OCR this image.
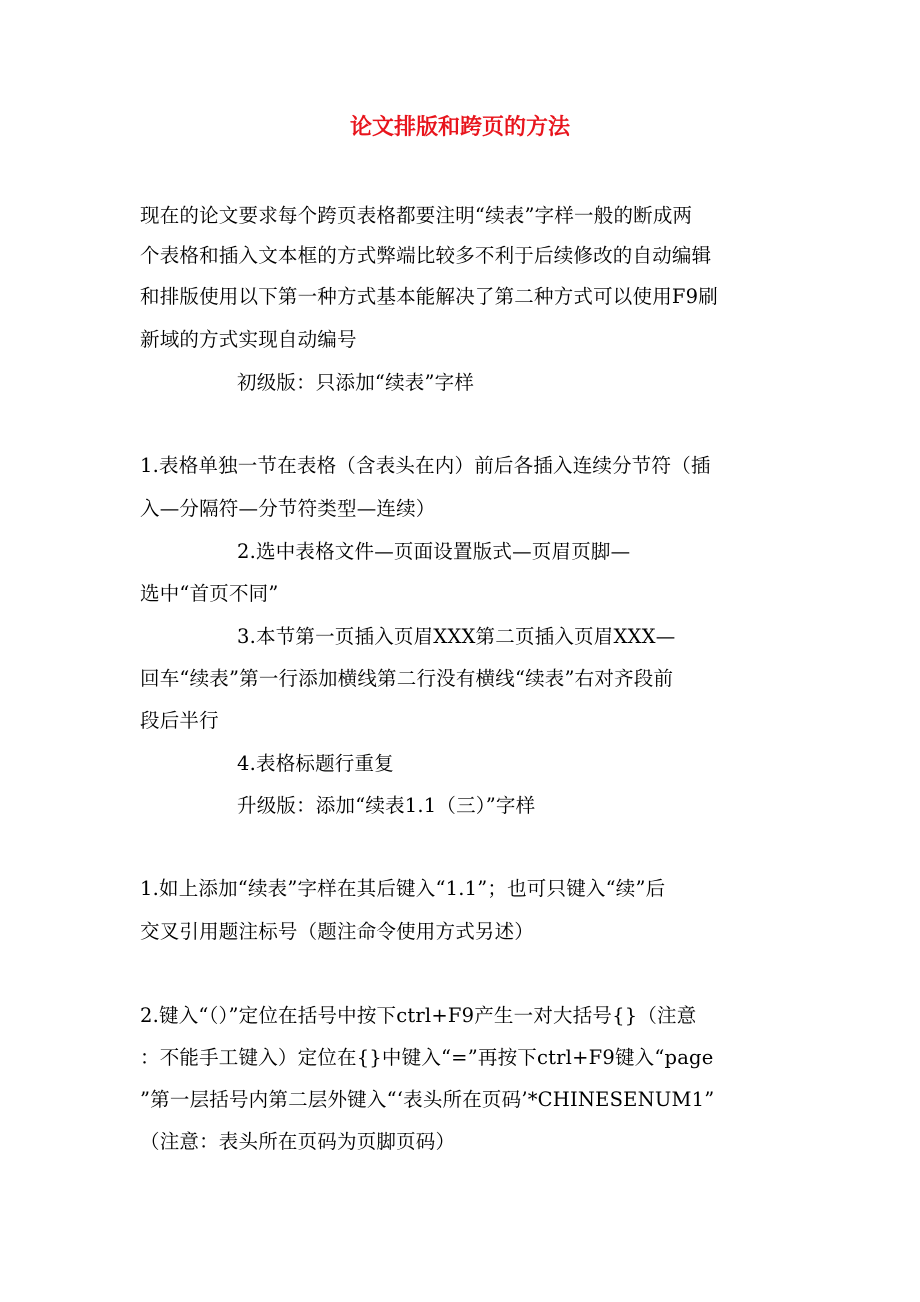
论文排版和跨页的方法
现在的论文要求每个跨页表格都要注明“续表”字样一般的断成两
个表格和插入文本框的方式弊端比较多不利于后续修改的自动编辑
和排版使用以下第一种方式基本能解决了第二种方式可以使用F9刷
新域的方式实现自动编号
初级版：只添加“续表”字样
1.表格单独一节在表格（含表头在内）前后各插入连续分节符（插
入—分隔符—分节符类型—连续）
2.选中表格文件—页面设置版式—页眉页脚—
选中“首页不同”
3.本节第一页插入页眉XXX第二页插入页眉XXX—
回车“续表”第一行添加横线第二行没有横线“续表”右对齐段前
段后半行
4.表格标题行重复
升级版：添加“续表1.1（三）”字样
1.如上添加“续表”字样在其后键入“1.1”；也可只键入“续”后
交叉引用题注标号（题注命令使用方式另述）
2.键入“（）”定位在括号中按下ctrl+F9产生一对大括号{}（注意
：不能手工键入）定位在{}中键入“=”再按下ctrl+F9键入“page
”第一层括号内第二层外键入“‘表头所在页码’*CHINESENUM1”
（注意：表头所在页码为页脚页码）
